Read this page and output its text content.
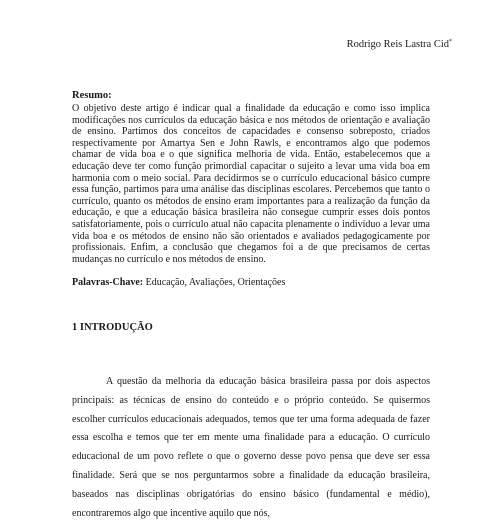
Rodrigo Reis Lastra Cid*
Resumo:

O objetivo deste artigo é indicar qual a finalidade da educação e como isso implica modificações nos currículos da educação básica e nos métodos de orientação e avaliação de ensino. Partimos dos conceitos de capacidades e consenso sobreposto, criados respectivamente por Amartya Sen e John Rawls, e encontramos algo que podemos chamar de vida boa e o que significa melhoria de vida. Então, estabelecemos que a educação deve ter como função primordial capacitar o sujeito a levar uma vida boa em harmonia com o meio social. Para decidirmos se o currículo educacional básico cumpre essa função, partimos para uma análise das disciplinas escolares. Percebemos que tanto o currículo, quanto os métodos de ensino eram importantes para a realização da função da educação, e que a educação básica brasileira não consegue cumprir esses dois pontos satisfatoriamente, pois o currículo atual não capacita plenamente o indivíduo a levar uma vida boa e os métodos de ensino não são orientados e avaliados pedagogicamente por profissionais. Enfim, a conclusão que chegamos foi a de que precisamos de certas mudanças no currículo e nos métodos de ensino.

Palavras-Chave: Educação, Avaliações, Orientações
1 INTRODUÇÃO

A questão da melhoria da educação básica brasileira passa por dois aspectos principais: as técnicas de ensino do conteúdo e o próprio conteúdo. Se quisermos escolher currículos educacionais adequados, temos que ter uma forma adequada de fazer essa escolha e temos que ter em mente uma finalidade para a educação. O currículo educacional de um povo reflete o que o governo desse povo pensa que deve ser essa finalidade. Será que se nos perguntarmos sobre a finalidade da educação brasileira, baseados nas disciplinas obrigatórias do ensino básico (fundamental e médio), encontraremos algo que incentive aquilo que nós,
